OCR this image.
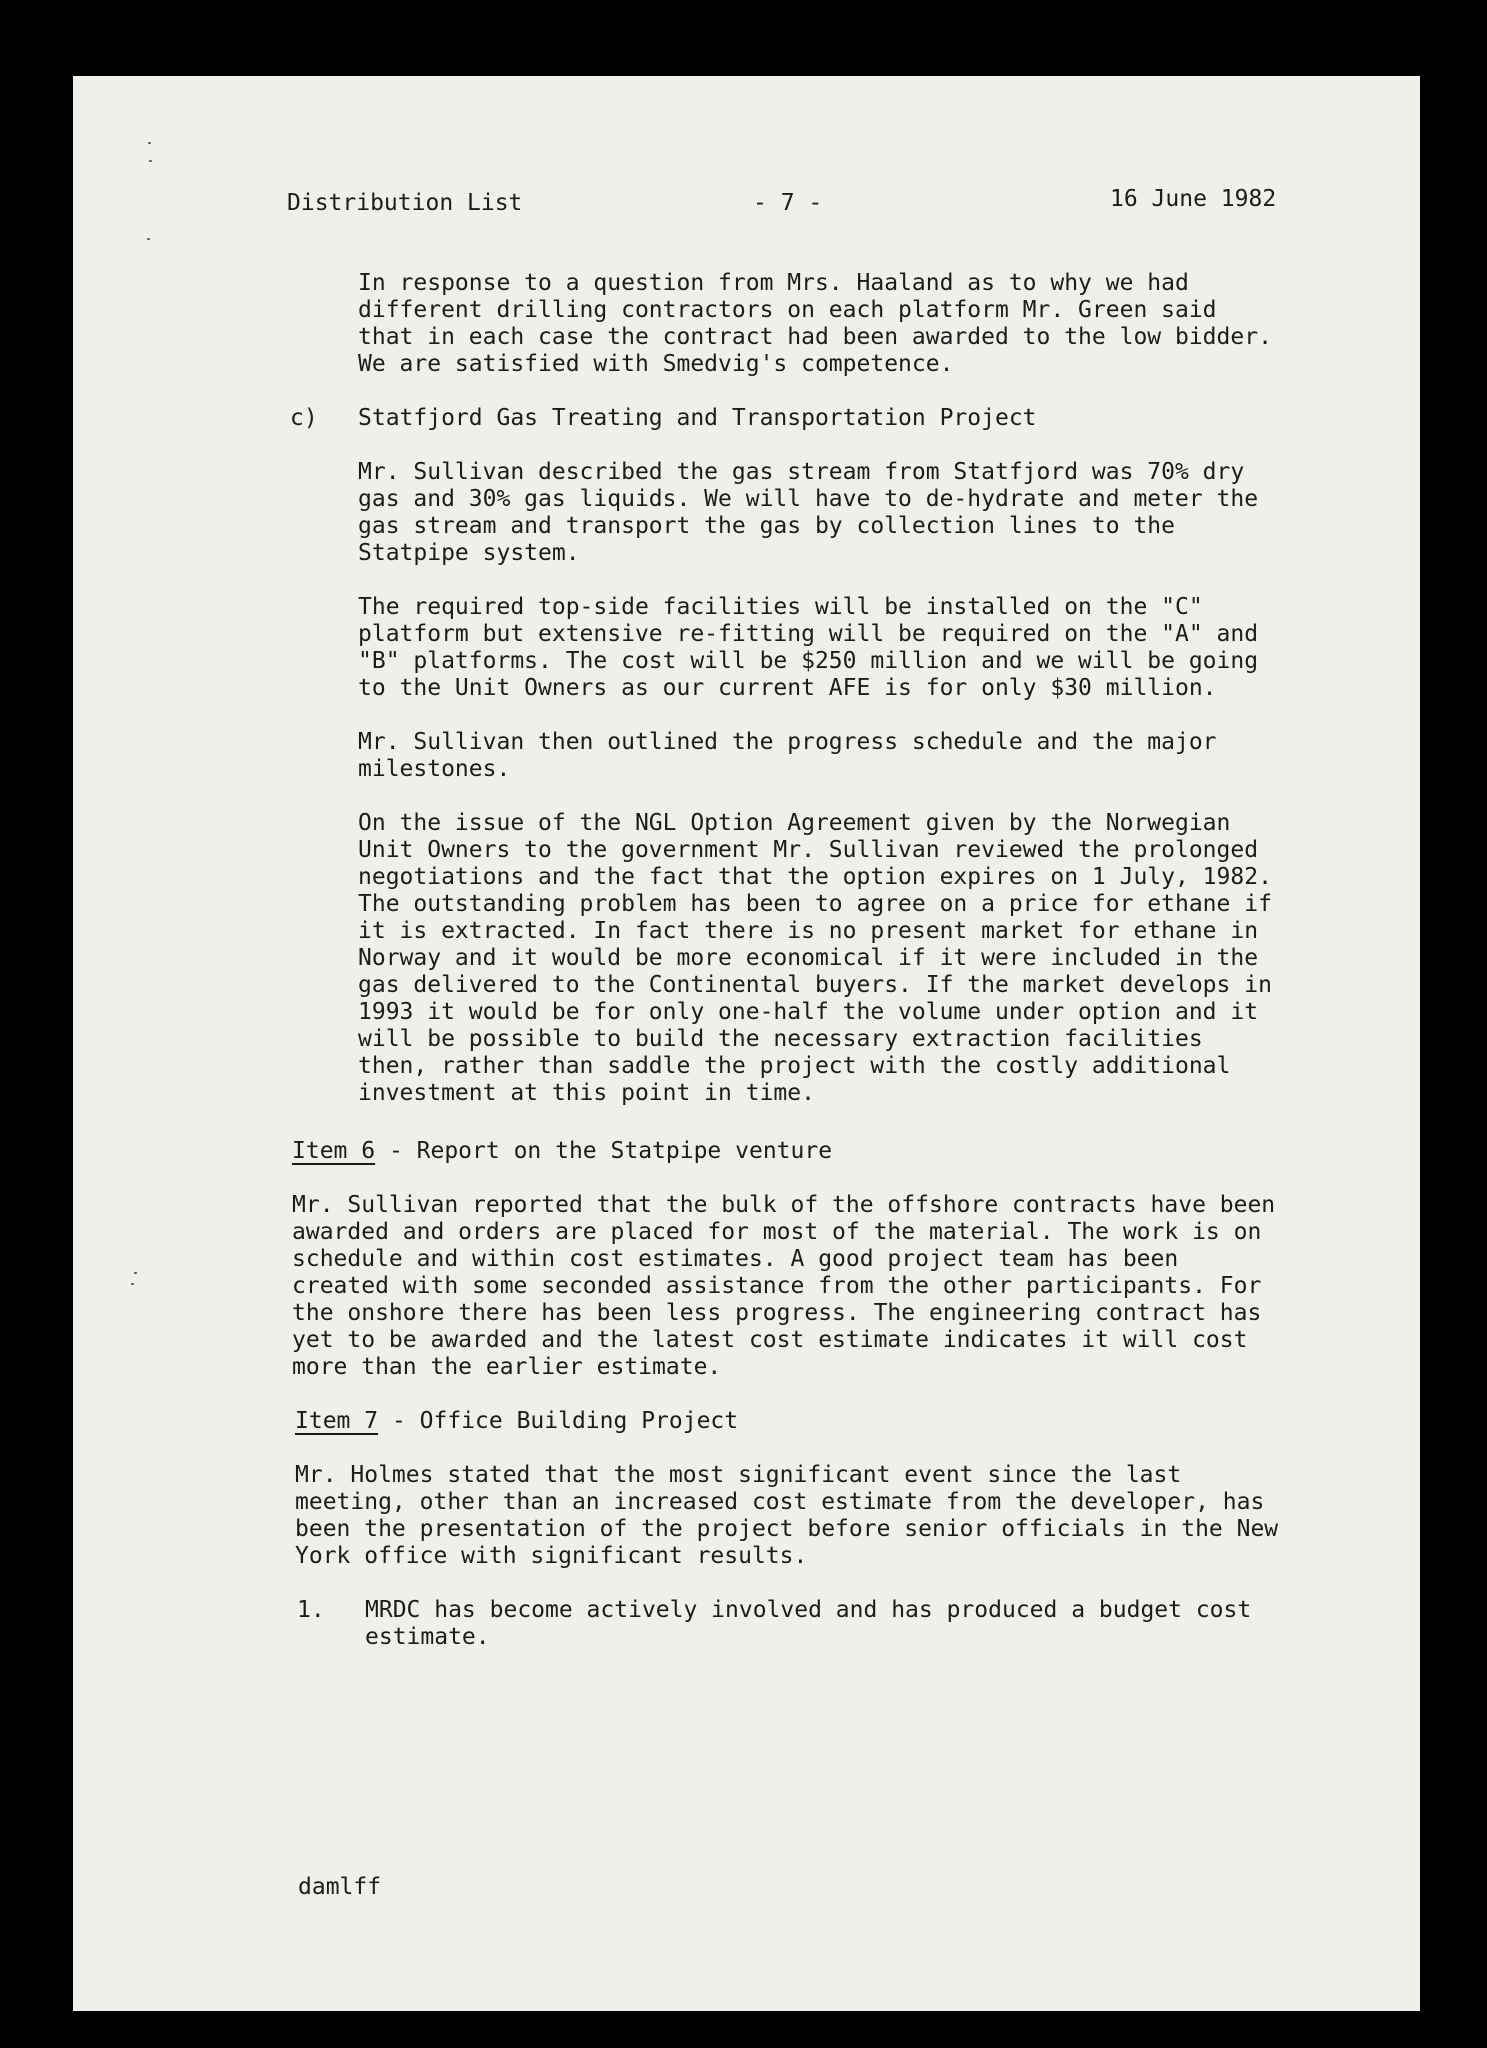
Distribution List	- 7 -	16 June 1982
In response to a question from Mrs. Haaland as to why we had
different drilling contractors on each platform Mr. Green said
that in each case the contract had been awarded to the low bidder.
We are satisfied with Smedvig's competence.
c) Statfjord Gas Treating and Transportation Project
Mr. Sullivan described the gas stream from Statfjord was 70% dry
gas and 30% gas liquids. We will have to de-hydrate and meter the
gas stream and transport the gas by collection lines to the
Statpipe system.
The required top-side facilities will be installed on the "C"
platform but extensive re-fitting will be required on the "A" and
"B" platforms. The cost will be $250 million and we will be going
to the Unit Owners as our current AFE is for only $30 million.
Mr. Sullivan then outlined the progress schedule and the major
milestones.
On the issue of the NGL Option Agreement given by the Norwegian
Unit Owners to the government Mr. Sullivan reviewed the prolonged
negotiations and the fact that the option expires on 1 July, 1982.
The outstanding problem has been to agree on a price for ethane if
it is extracted. In fact there is no present market for ethane in
Norway and it would be more economical if it were included in the
gas delivered to the Continental buyers. If the market develops in
1993 it would be for only one-half the volume under option and it
will be possible to build the necessary extraction facilities
then, rather than saddle the project with the costly additional
investment at this point in time.
Item 6 - Report on the Statpipe venture
Mr. Sullivan reported that the bulk of the offshore contracts have been
awarded and orders are placed for most of the material. The work is on
schedule and within cost estimates. A good project team has been
created with some seconded assistance from the other participants. For
the onshore there has been less progress. The engineering contract has
yet to be awarded and the latest cost estimate indicates it will cost
more than the earlier estimate.
Item 7 - Office Building Project
Mr. Holmes stated that the most significant event since the last
meeting, other than an increased cost estimate from the developer, has
been the presentation of the project before senior officials in the New
York office with significant results.
1. MRDC has become actively involved and has produced a budget cost
estimate.
damlff
